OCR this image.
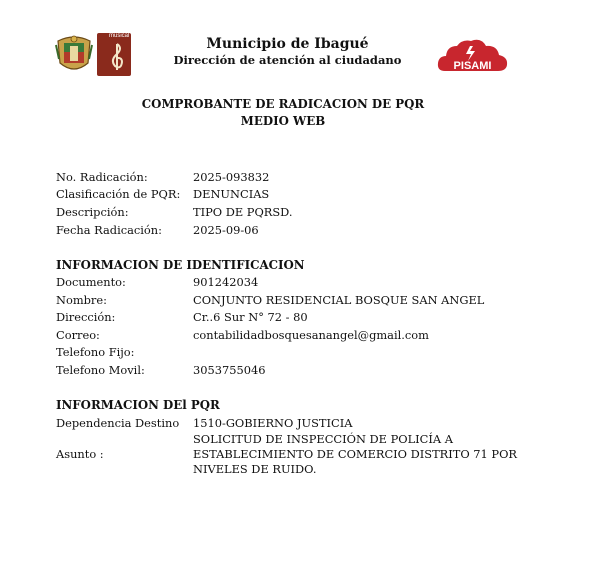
musical	Municipio de Ibagué
Dirección de atención al ciudadano	PISAMI
COMPROBANTE DE RADICACION DE PQR
MEDIO WEB
No. Radicación:	2025-093832
Clasificación de PQR: DENUNCIAS
Descripción:	TIPO DE PQRSD.
Fecha Radicación:	2025-09-06
INFORMACION DE IDENTIFICACION
Documento:	901242034
Nombre:	CONJUNTO RESIDENCIAL BOSQUE SAN ANGEL
Dirección:	Cr..6 Sur N° 72 - 80
Correo:	contabilidadbosquesanangel@gmail.com
Telefono Fijo:
Telefono Movil:	3053755046
INFORMACION DEl PQR
Dependencia Destino 1510-GOBIERNO JUSTICIA
Asunto :
SOLICITUD DE INSPECCIÓN DE POLICÍA A
ESTABLECIMIENTO DE COMERCIO DISTRITO 71 POR
NIVELES DE RUIDO.
